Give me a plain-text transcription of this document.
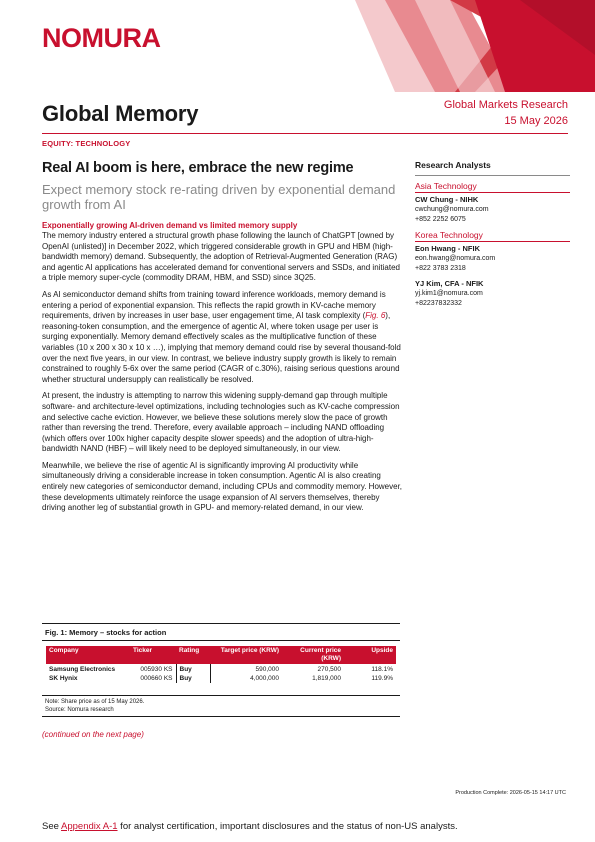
NOMURA
Global Memory	Global Markets Research
15 May 2026
EQUITY: TECHNOLOGY
Real AI boom is here, embrace the new regime
Expect memory stock re-rating driven by exponential demand growth from AI
Exponentially growing AI-driven demand vs limited memory supply

The memory industry entered a structural growth phase following the launch of ChatGPT [owned by OpenAI (unlisted)] in December 2022, which triggered considerable growth in GPU and HBM (high-bandwidth memory) demand. Subsequently, the adoption of Retrieval-Augmented Generation (RAG) and agentic AI applications has accelerated demand for conventional servers and SSDs, and initiated a triple memory super-cycle (commodity DRAM, HBM, and SSD) since 3Q25.

As AI semiconductor demand shifts from training toward inference workloads, memory demand is entering a period of exponential expansion. This reflects the rapid growth in KV-cache memory requirements, driven by increases in user base, user engagement time, AI task complexity (Fig. 6), reasoning-token consumption, and the emergence of agentic AI, where token usage per user is surging exponentially. Memory demand effectively scales as the multiplicative function of these variables (10 x 200 x 30 x 10 x …), implying that memory demand could rise by several thousand-fold over the next five years, in our view. In contrast, we believe industry supply growth is likely to remain constrained to roughly 5-6x over the same period (CAGR of c.30%), raising serious questions around whether structural undersupply can realistically be resolved.

At present, the industry is attempting to narrow this widening supply-demand gap through multiple software- and architecture-level optimizations, including technologies such as KV-cache compression and selective cache eviction. However, we believe these solutions merely slow the pace of growth rather than reversing the trend. Therefore, every available approach – including NAND offloading (which offers over 100x higher capacity despite slower speeds) and the adoption of ultra-high-bandwidth NAND (HBF) – will likely need to be deployed simultaneously, in our view.

Meanwhile, we believe the rise of agentic AI is significantly improving AI productivity while simultaneously driving a considerable increase in token consumption. Agentic AI is also creating entirely new categories of semiconductor demand, including CPUs and commodity memory. However, these developments ultimately reinforce the usage expansion of AI servers themselves, thereby driving another leg of substantial growth in GPU- and memory-related demand, in our view.

Research Analysts
Asia Technology
CW Chung - NIHK
cwchung@nomura.com
+852 2252 6075
Korea Technology
Eon Hwang - NFIK
eon.hwang@nomura.com
+822 3783 2318
YJ Kim, CFA - NFIK
yj.kim1@nomura.com
+82237832332
Fig. 1: Memory – stocks for action
Company	Ticker	Rating	Target price (KRW)	Current price (KRW)	Upside
Samsung Electronics	005930 KS	Buy	590,000	270,500	118.1%
SK Hynix	000660 KS	Buy	4,000,000	1,819,000	119.9%
Note: Share price as of 15 May 2026.
Source: Nomura research
(continued on the next page)
Production Complete: 2026-05-15 14:17 UTC
See Appendix A-1 for analyst certification, important disclosures and the status of non-US analysts.
